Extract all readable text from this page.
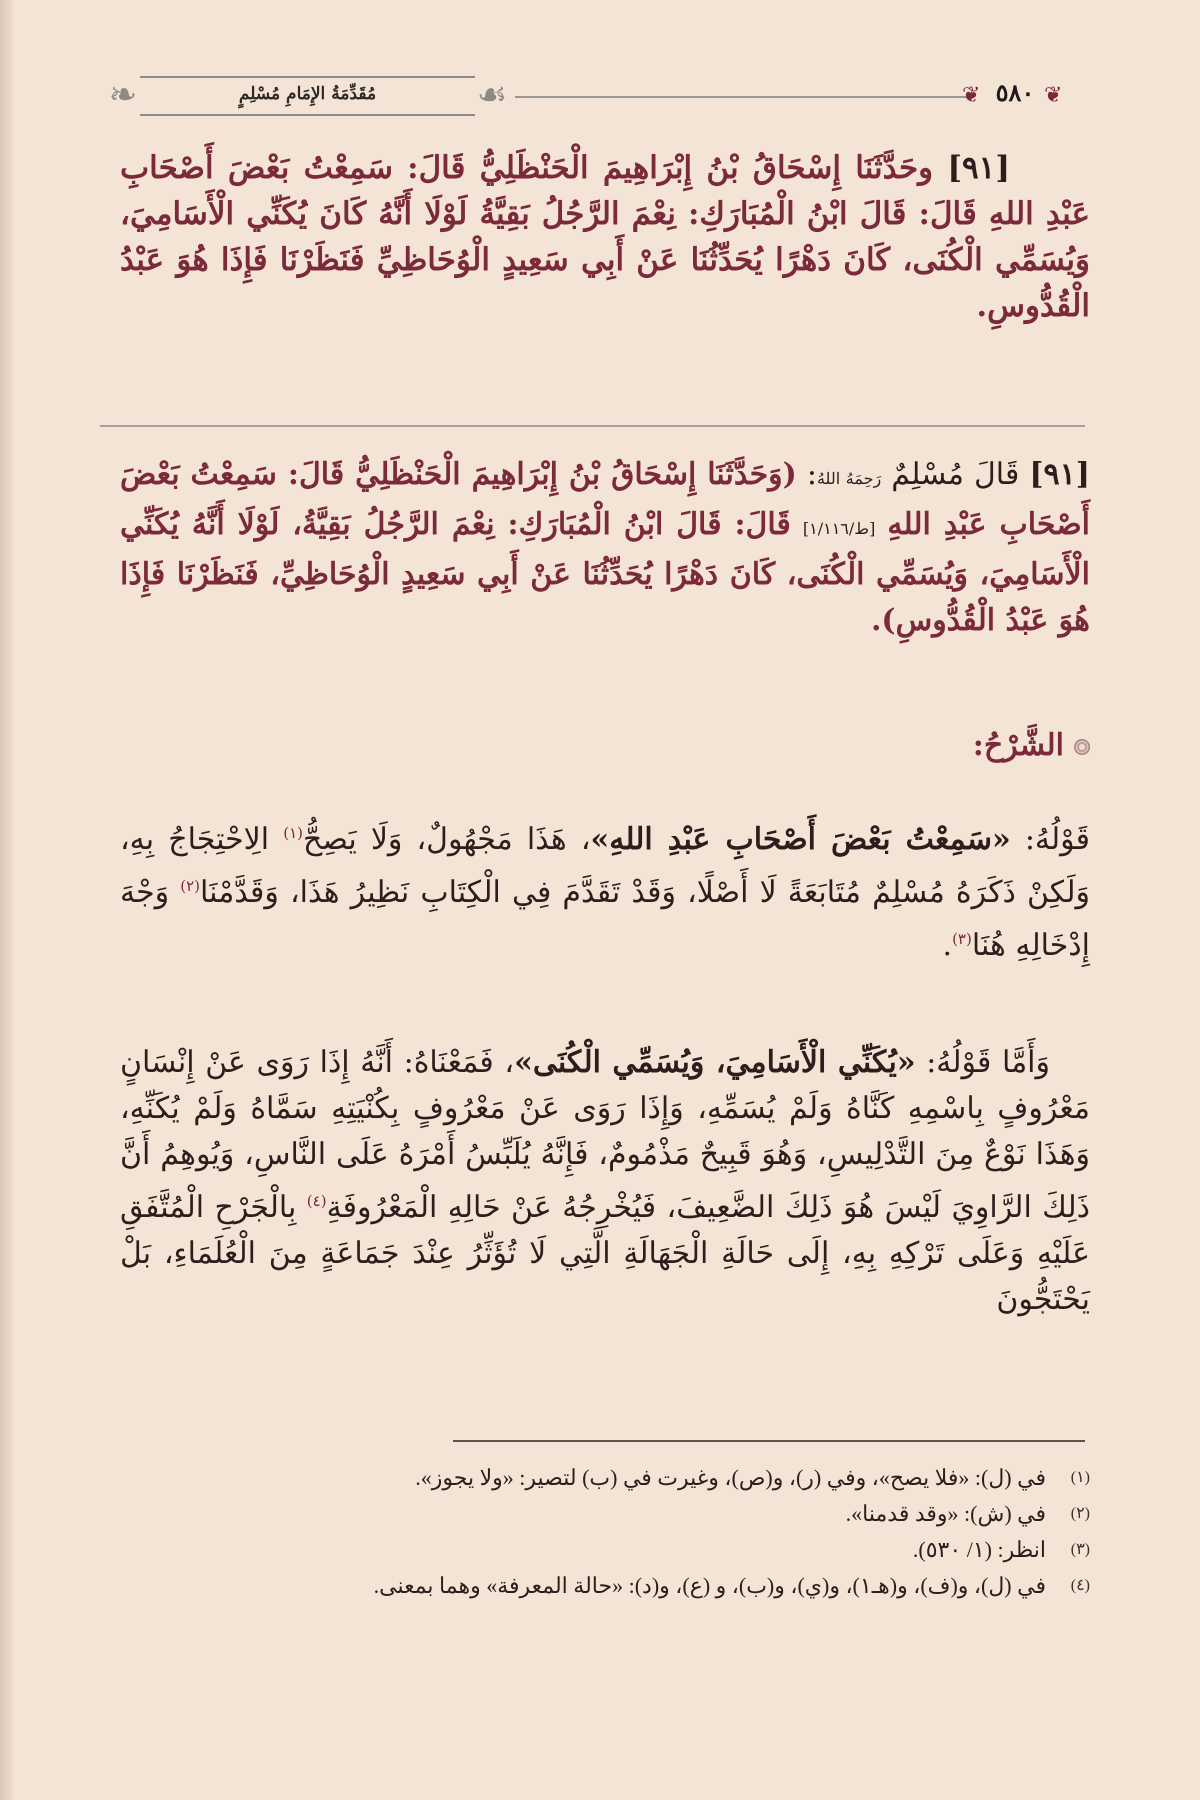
❧	مُقَدِّمَةُ الإِمَامِ مُسْلِمٍ	☙	❦ ٥٨٠ ❦
[٩١] وحَدَّثَنَا إِسْحَاقُ بْنُ إِبْرَاهِيمَ الْحَنْظَلِيُّ قَالَ: سَمِعْتُ بَعْضَ أَصْحَابِ عَبْدِ اللهِ قَالَ: قَالَ ابْنُ الْمُبَارَكِ: نِعْمَ الرَّجُلُ بَقِيَّةُ لَوْلَا أَنَّهُ كَانَ يُكَنِّي الْأَسَامِيَ، وَيُسَمِّي الْكُنَى، كَانَ دَهْرًا يُحَدِّثُنَا عَنْ أَبِي سَعِيدٍ الْوُحَاظِيِّ فَنَظَرْنَا فَإِذَا هُوَ عَبْدُ الْقُدُّوسِ.
[٩١] قَالَ مُسْلِمٌ رَحِمَهُ اللهُ: (وَحَدَّثَنَا إِسْحَاقُ بْنُ إِبْرَاهِيمَ الْحَنْظَلِيُّ قَالَ: سَمِعْتُ بَعْضَ أَصْحَابِ عَبْدِ اللهِ [ط/١/١١٦] قَالَ: قَالَ ابْنُ الْمُبَارَكِ: نِعْمَ الرَّجُلُ بَقِيَّةُ، لَوْلَا أَنَّهُ يُكَنِّي الْأَسَامِيَ، وَيُسَمِّي الْكُنَى، كَانَ دَهْرًا يُحَدِّثُنَا عَنْ أَبِي سَعِيدٍ الْوُحَاظِيِّ، فَنَظَرْنَا فَإِذَا هُوَ عَبْدُ الْقُدُّوسِ).
الشَّرْحُ:
قَوْلُهُ: «سَمِعْتُ بَعْضَ أَصْحَابِ عَبْدِ اللهِ»، هَذَا مَجْهُولٌ، وَلَا يَصِحُّ$^{(١)}$ الِاحْتِجَاجُ بِهِ، وَلَكِنْ ذَكَرَهُ مُسْلِمٌ مُتَابَعَةً لَا أَصْلًا، وَقَدْ تَقَدَّمَ فِي الْكِتَابِ نَظِيرُ هَذَا، وَقَدَّمْنَا$^{(٢)}$ وَجْهَ إِدْخَالِهِ هُنَا$^{(٣)}$.
وَأَمَّا قَوْلُهُ: «يُكَنِّي الْأَسَامِيَ، وَيُسَمِّي الْكُنَى»، فَمَعْنَاهُ: أَنَّهُ إِذَا رَوَى عَنْ إِنْسَانٍ مَعْرُوفٍ بِاسْمِهِ كَنَّاهُ وَلَمْ يُسَمِّهِ، وَإِذَا رَوَى عَنْ مَعْرُوفٍ بِكُنْيَتِهِ سَمَّاهُ وَلَمْ يُكَنِّهِ، وَهَذَا نَوْعٌ مِنَ التَّدْلِيسِ، وَهُوَ قَبِيحٌ مَذْمُومٌ، فَإِنَّهُ يُلَبِّسُ أَمْرَهُ عَلَى النَّاسِ، وَيُوهِمُ أَنَّ ذَلِكَ الرَّاوِيَ لَيْسَ هُوَ ذَلِكَ الضَّعِيفَ، فَيُخْرِجُهُ عَنْ حَالِهِ الْمَعْرُوفَةِ$^{(٤)}$ بِالْجَرْحِ الْمُتَّفَقِ عَلَيْهِ وَعَلَى تَرْكِهِ بِهِ، إِلَى حَالَةِ الْجَهَالَةِ الَّتِي لَا تُؤَثِّرُ عِنْدَ جَمَاعَةٍ مِنَ الْعُلَمَاءِ، بَلْ يَحْتَجُّونَ
(١)
في (ل): «فلا يصح»، وفي (ر)، و(ص)، وغيرت في (ب) لتصير: «ولا يجوز».
(٢)
في (ش): «وقد قدمنا».
(٣)
انظر: (١/ ٥٣٠).
(٤)
في (ل)، و(ف)، و(هـ١)، و(ي)، و(ب)، و (ع)، و(د): «حالة المعرفة» وهما بمعنى.
